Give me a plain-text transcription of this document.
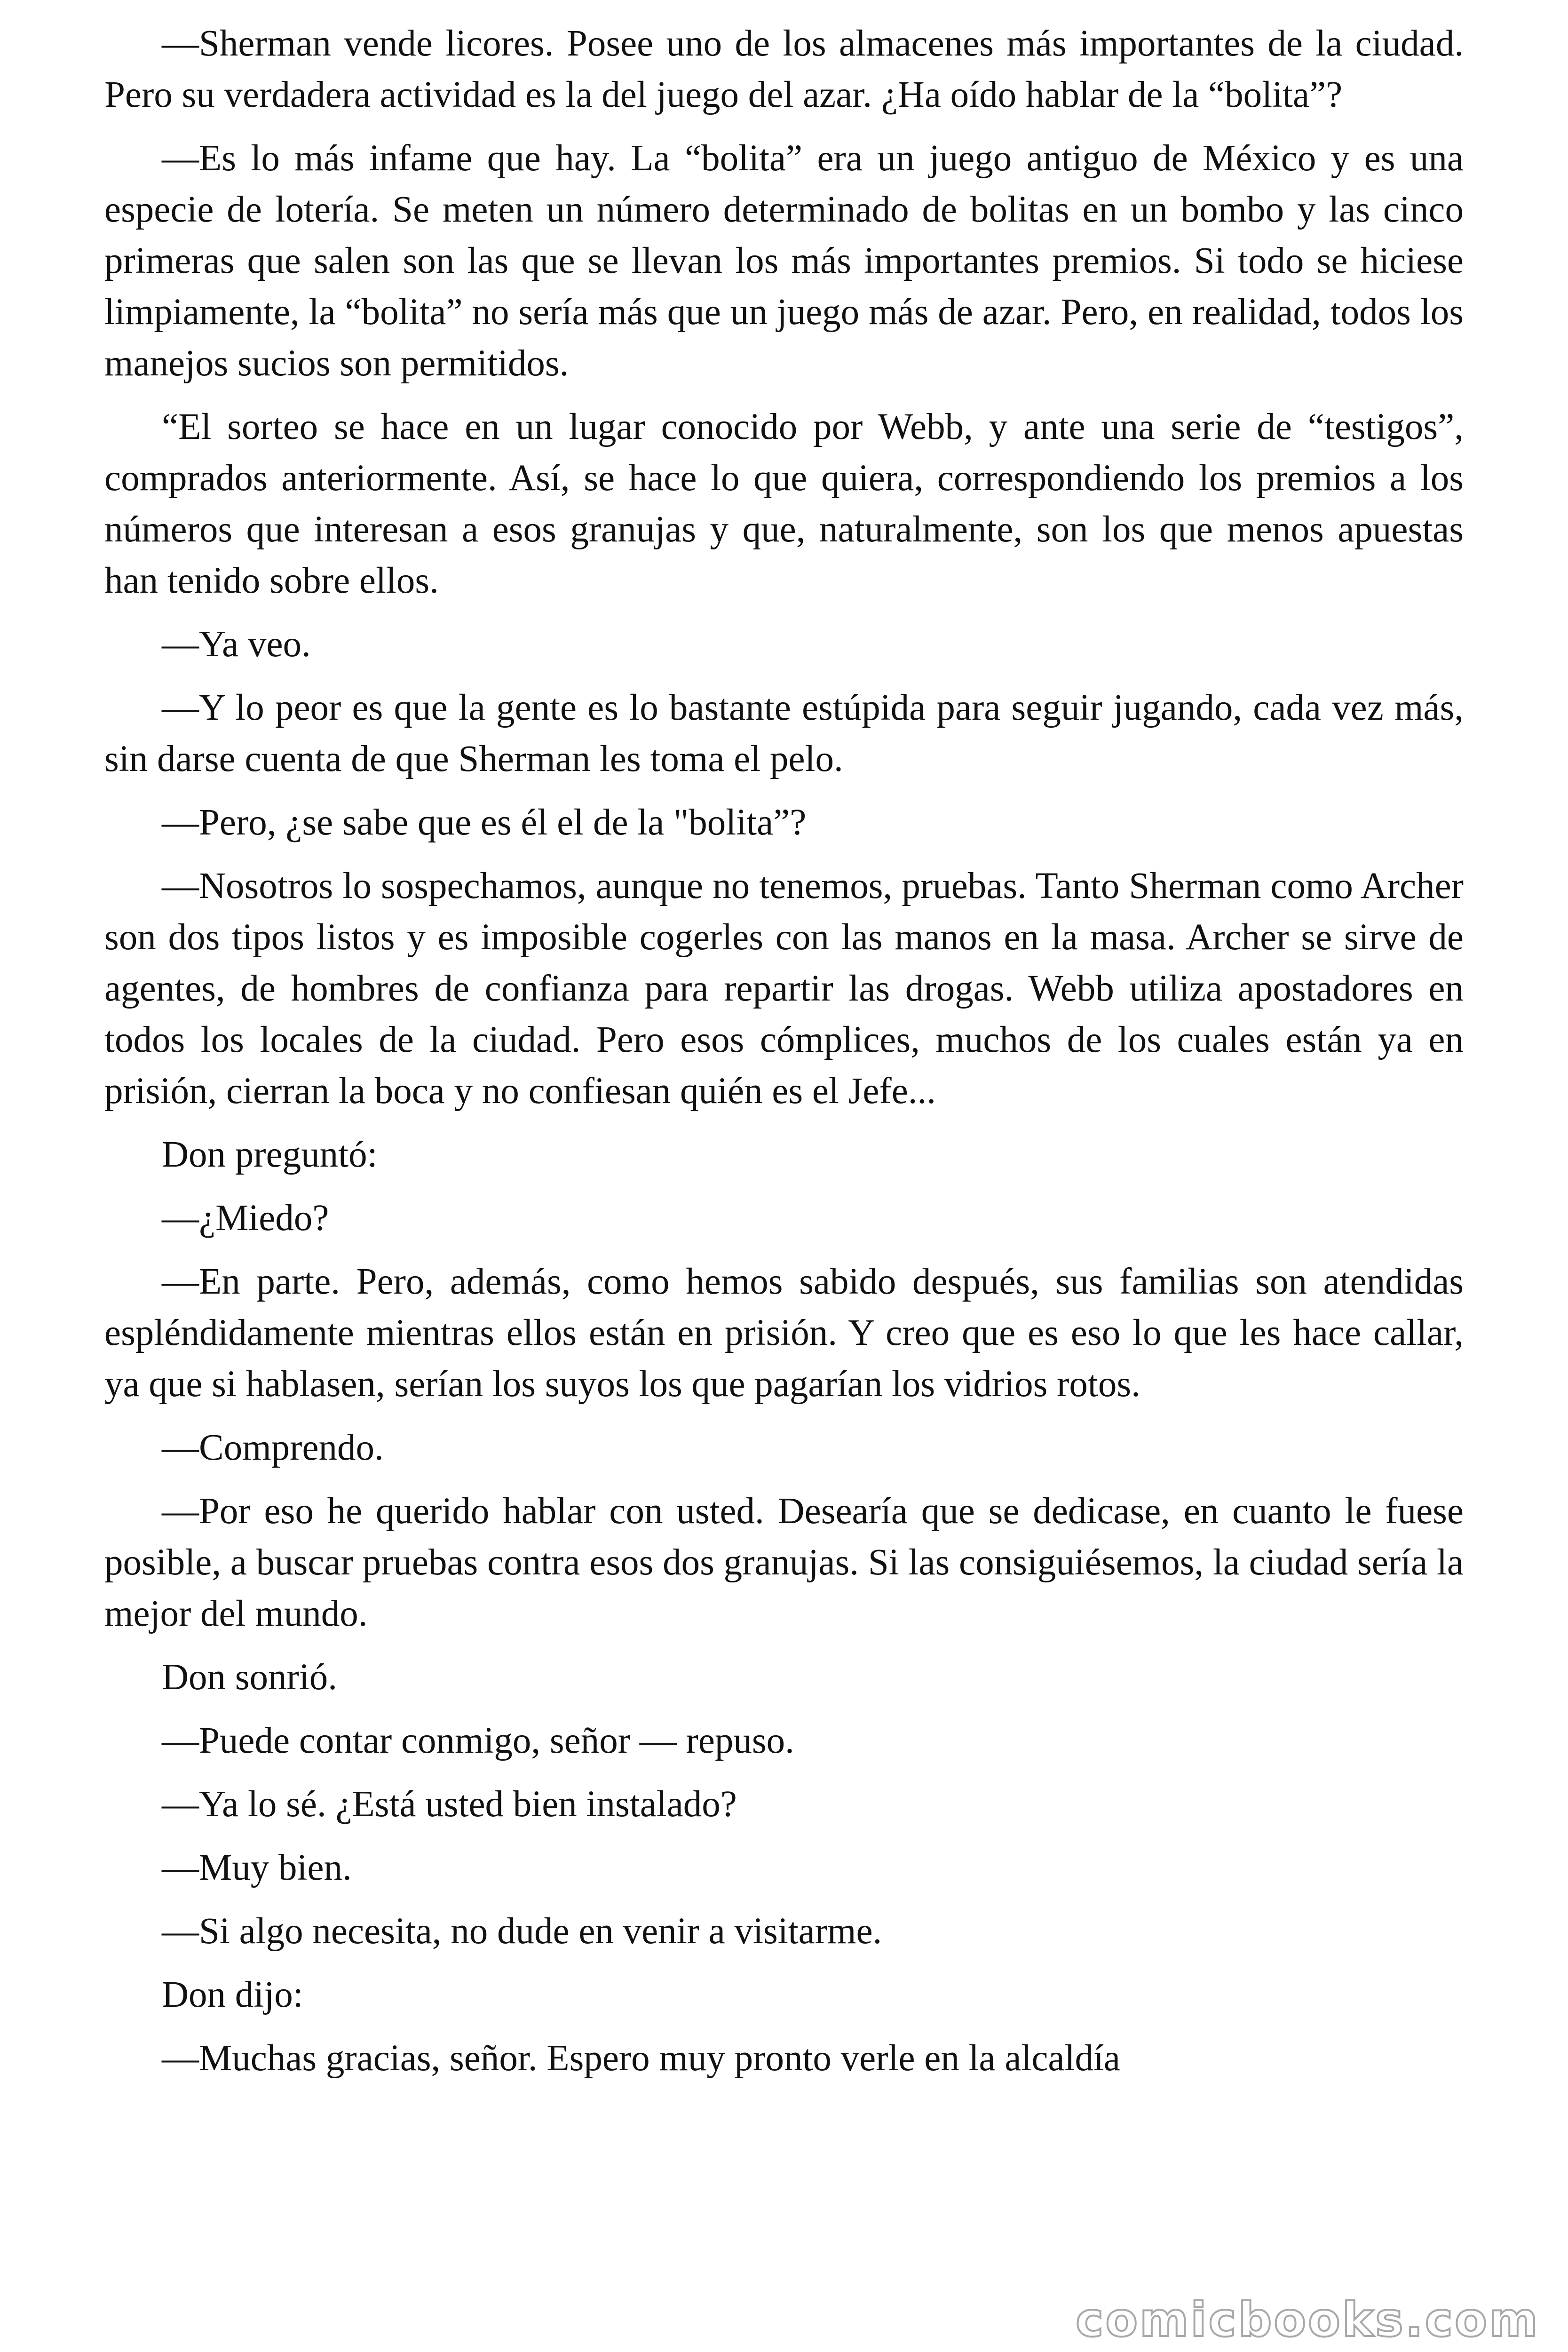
—Sherman vende licores. Posee uno de los almacenes más importantes de la ciudad. Pero su verdadera actividad es la del juego del azar. ¿Ha oído hablar de la “bolita”?

—Es lo más infame que hay. La “bolita” era un juego antiguo de México y es una especie de lotería. Se meten un número determinado de bolitas en un bombo y las cinco primeras que salen son las que se llevan los más importantes premios. Si todo se hiciese limpiamente, la “bolita” no sería más que un juego más de azar. Pero, en realidad, todos los manejos sucios son permitidos.

“El sorteo se hace en un lugar conocido por Webb, y ante una serie de “testigos”, comprados anteriormente. Así, se hace lo que quiera, correspondiendo los premios a los números que interesan a esos granujas y que, naturalmente, son los que menos apuestas han tenido sobre ellos.

—Ya veo.

—Y lo peor es que la gente es lo bastante estúpida para seguir jugando, cada vez más, sin darse cuenta de que Sherman les toma el pelo.

—Pero, ¿se sabe que es él el de la "bolita”?

—Nosotros lo sospechamos, aunque no tenemos, pruebas. Tanto Sherman como Archer son dos tipos listos y es imposible cogerles con las manos en la masa. Archer se sirve de agentes, de hombres de confianza para repartir las drogas. Webb utiliza apostadores en todos los locales de la ciudad. Pero esos cómplices, muchos de los cuales están ya en prisión, cierran la boca y no confiesan quién es el Jefe...

Don preguntó:

—¿Miedo?

—En parte. Pero, además, como hemos sabido después, sus familias son atendidas espléndidamente mientras ellos están en prisión. Y creo que es eso lo que les hace callar, ya que si hablasen, serían los suyos los que pagarían los vidrios rotos.

—Comprendo.

—Por eso he querido hablar con usted. Desearía que se dedicase, en cuanto le fuese posible, a buscar pruebas contra esos dos granujas. Si las consiguiésemos, la ciudad sería la mejor del mundo.

Don sonrió.

—Puede contar conmigo, señor — repuso.

—Ya lo sé. ¿Está usted bien instalado?

—Muy bien.

—Si algo necesita, no dude en venir a visitarme.

Don dijo:

—Muchas gracias, señor. Espero muy pronto verle en la alcaldía

comicbooks.com
